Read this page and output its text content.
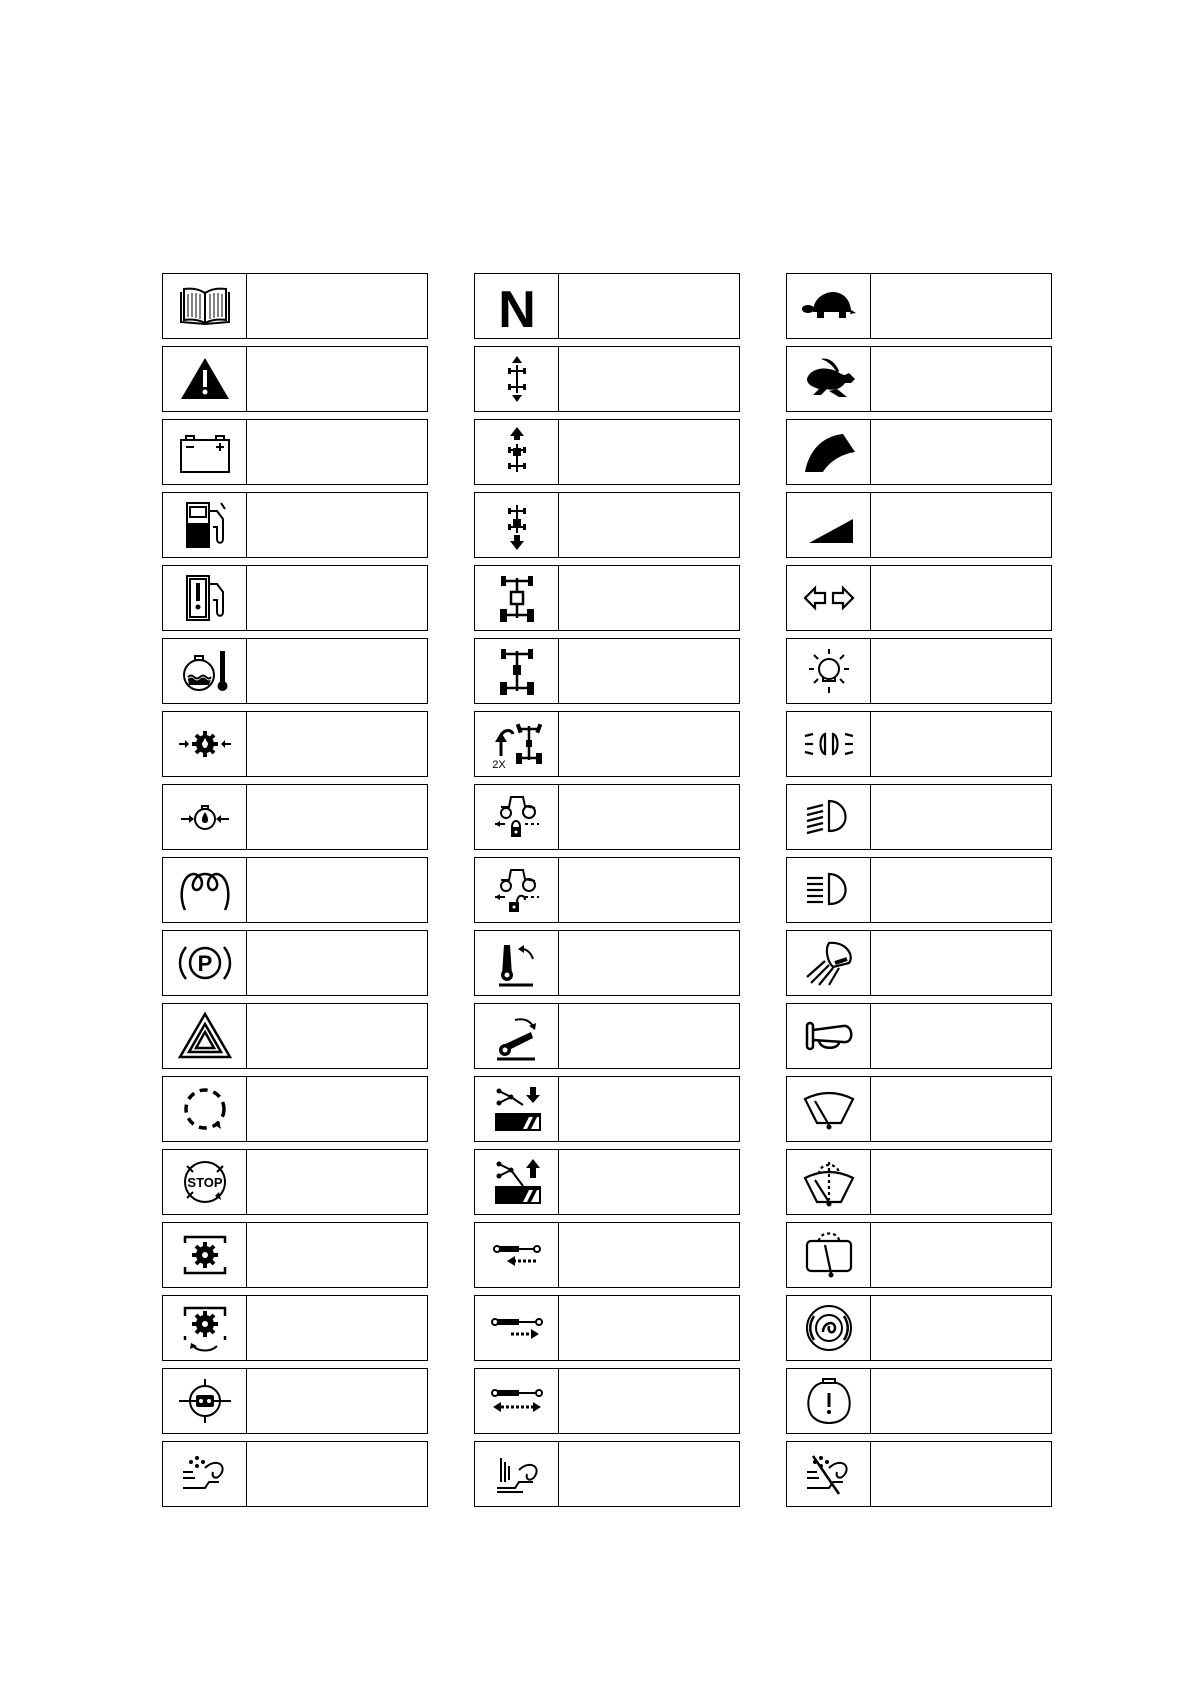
P
STOP
N
2X
